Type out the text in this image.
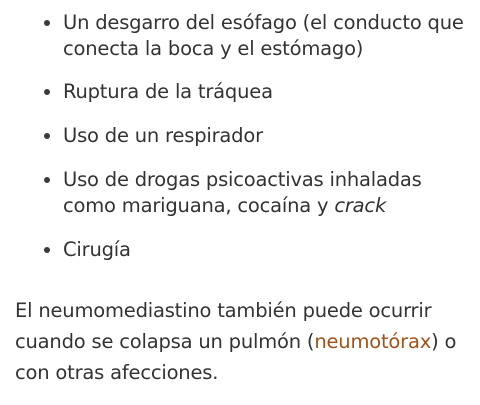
Un desgarro del esófago (el conducto que conecta la boca y el estómago)
Ruptura de la tráquea
Uso de un respirador
Uso de drogas psicoactivas inhaladas como mariguana, cocaína y crack
Cirugía

El neumomediastino también puede ocurrir cuando se colapsa un pulmón (neumotórax) o con otras afecciones.
